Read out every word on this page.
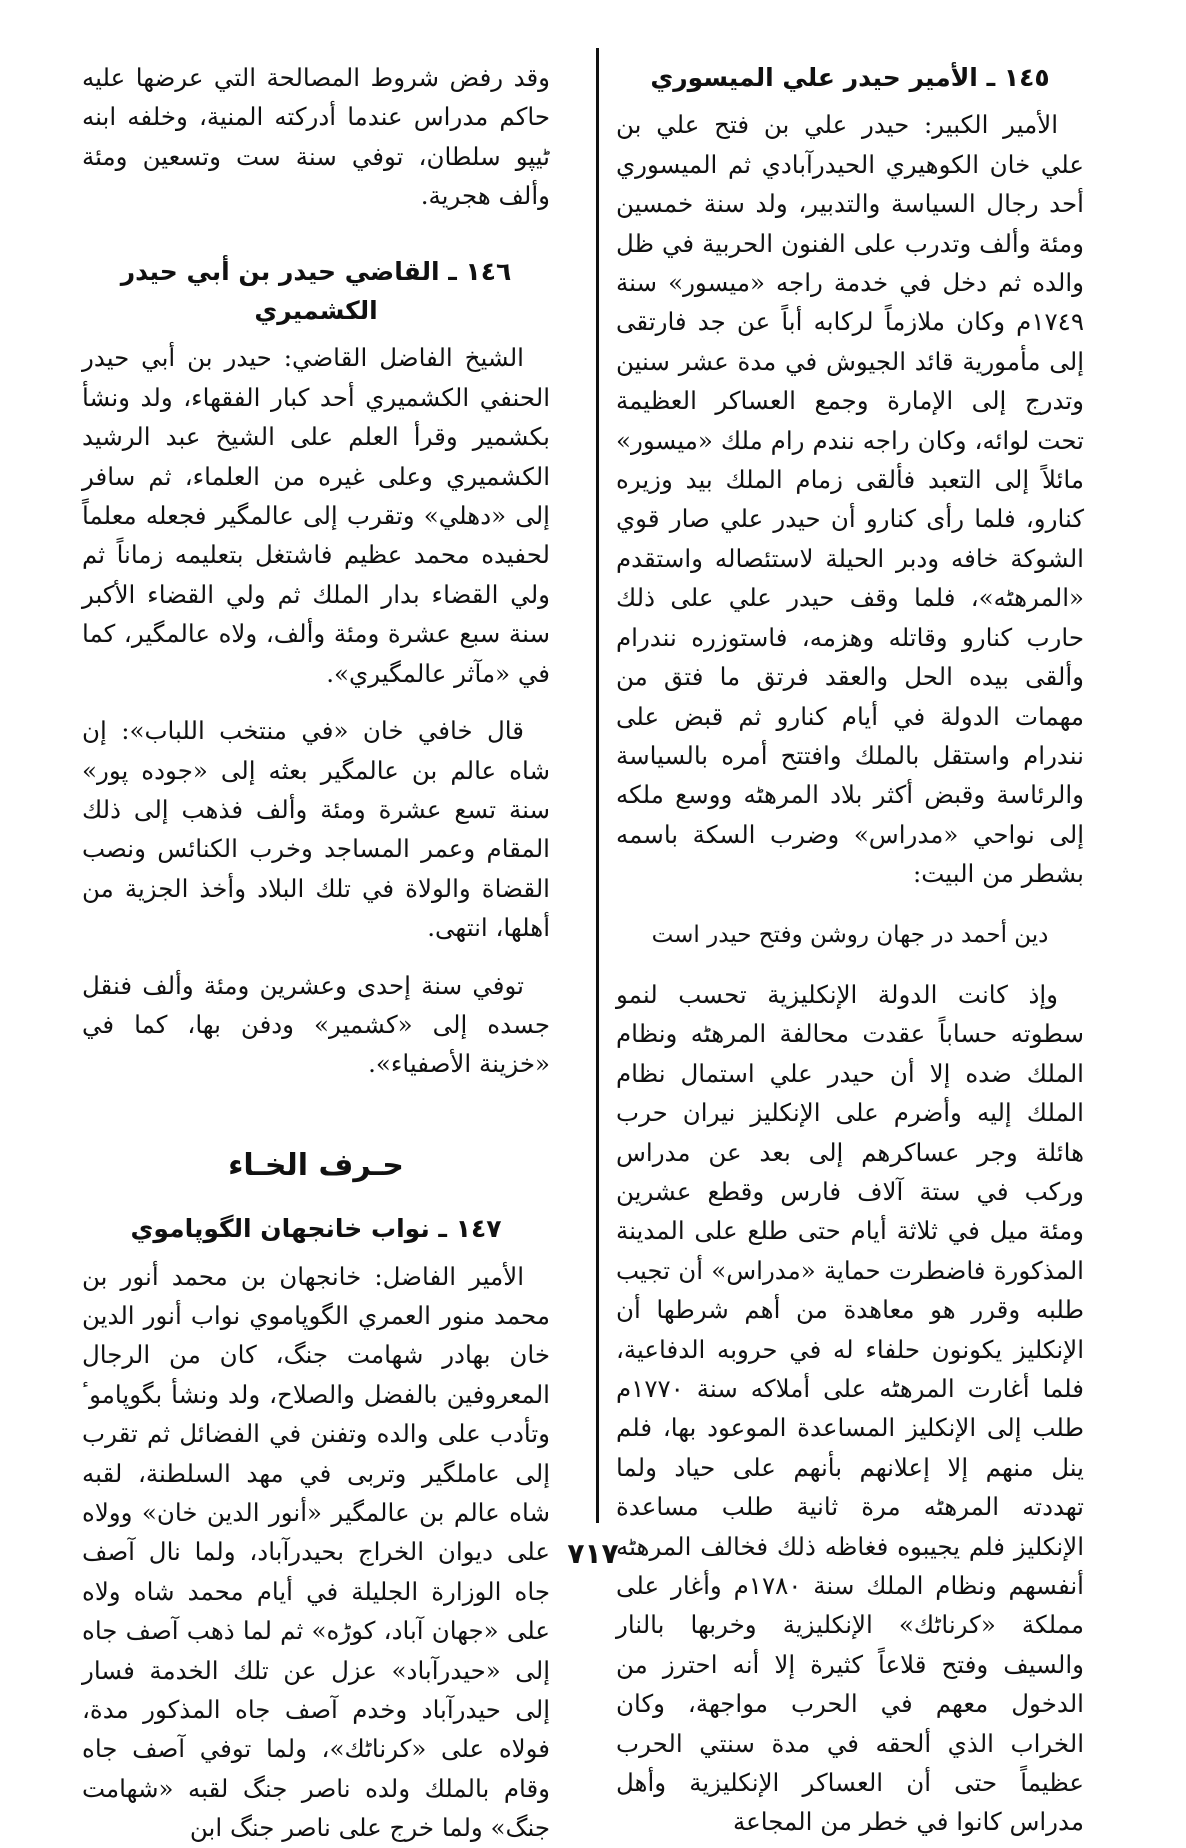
١٤٥ ـ الأمير حيدر علي الميسوري

الأمير الكبير: حيدر علي بن فتح علي بن علي خان الكوهيري الحيدرآبادي ثم الميسوري أحد رجال السياسة والتدبير، ولد سنة خمسين ومئة وألف وتدرب على الفنون الحربية في ظل والده ثم دخل في خدمة راجه «ميسور» سنة ١٧٤٩م وكان ملازماً لركابه أباً عن جد فارتقى إلى مأمورية قائد الجيوش في مدة عشر سنين وتدرج إلى الإمارة وجمع العساكر العظيمة تحت لوائه، وكان راجه نندم رام ملك «ميسور» مائلاً إلى التعبد فألقى زمام الملك بيد وزيره كنارو، فلما رأى كنارو أن حيدر علي صار قوي الشوكة خافه ودبر الحيلة لاستئصاله واستقدم «المرهٹه»، فلما وقف حيدر علي على ذلك حارب كنارو وقاتله وهزمه، فاستوزره نندرام وألقى بيده الحل والعقد فرتق ما فتق من مهمات الدولة في أيام كنارو ثم قبض على نندرام واستقل بالملك وافتتح أمره بالسياسة والرئاسة وقبض أكثر بلاد المرهٹه ووسع ملكه إلى نواحي «مدراس» وضرب السكة باسمه بشطر من البيت:

دين أحمد در جهان روشن وفتح حيدر است

وإذ كانت الدولة الإنكليزية تحسب لنمو سطوته حساباً عقدت محالفة المرهٹه ونظام الملك ضده إلا أن حيدر علي استمال نظام الملك إليه وأضرم على الإنكليز نيران حرب هائلة وجر عساكرهم إلى بعد عن مدراس وركب في ستة آلاف فارس وقطع عشرين ومئة ميل في ثلاثة أيام حتى طلع على المدينة المذكورة فاضطرت حماية «مدراس» أن تجيب طلبه وقرر هو معاهدة من أهم شرطها أن الإنكليز يكونون حلفاء له في حروبه الدفاعية، فلما أغارت المرهٹه على أملاكه سنة ١٧٧٠م طلب إلى الإنكليز المساعدة الموعود بها، فلم ينل منهم إلا إعلانهم بأنهم على حياد ولما تهددته المرهٹه مرة ثانية طلب مساعدة الإنكليز فلم يجيبوه فغاظه ذلك فخالف المرهٹه أنفسهم ونظام الملك سنة ١٧٨٠م وأغار على مملكة «كرناٹك» الإنكليزية وخربها بالنار والسيف وفتح قلاعاً كثيرة إلا أنه احترز من الدخول معهم في الحرب مواجهة، وكان الخراب الذي ألحقه في مدة سنتي الحرب عظيماً حتى أن العساكر الإنكليزية وأهل مدراس كانوا في خطر من المجاعة

وقد رفض شروط المصالحة التي عرضها عليه حاكم مدراس عندما أدركته المنية، وخلفه ابنه ٹيپو سلطان، توفي سنة ست وتسعين ومئة وألف هجرية.

١٤٦ ـ القاضي حيدر بن أبي حيدر الكشميري

الشيخ الفاضل القاضي: حيدر بن أبي حيدر الحنفي الكشميري أحد كبار الفقهاء، ولد ونشأ بكشمير وقرأ العلم على الشيخ عبد الرشيد الكشميري وعلى غيره من العلماء، ثم سافر إلى «دهلي» وتقرب إلى عالمگير فجعله معلماً لحفيده محمد عظيم فاشتغل بتعليمه زماناً ثم ولي القضاء بدار الملك ثم ولي القضاء الأكبر سنة سبع عشرة ومئة وألف، ولاه عالمگير، كما في «مآثر عالمگيري».

قال خافي خان «في منتخب اللباب»: إن شاه عالم بن عالمگير بعثه إلى «جوده پور» سنة تسع عشرة ومئة وألف فذهب إلى ذلك المقام وعمر المساجد وخرب الكنائس ونصب القضاة والولاة في تلك البلاد وأخذ الجزية من أهلها، انتهى.

توفي سنة إحدى وعشرين ومئة وألف فنقل جسده إلى «كشمير» ودفن بها، كما في «خزينة الأصفياء».

حـرف الخـاء
١٤٧ ـ نواب خانجهان الگوپاموي

الأمير الفاضل: خانجهان بن محمد أنور بن محمد منور العمري الگوپاموي نواب أنور الدين خان بهادر شهامت جنگ، كان من الرجال المعروفين بالفضل والصلاح، ولد ونشأ بگوپاموٴ وتأدب على والده وتفنن في الفضائل ثم تقرب إلى عاملگير وتربى في مهد السلطنة، لقبه شاه عالم بن عالمگير «أنور الدين خان» وولاه على ديوان الخراج بحيدرآباد، ولما نال آصف جاه الوزارة الجليلة في أيام محمد شاه ولاه على «جهان آباد، كوڑه» ثم لما ذهب آصف جاه إلى «حيدرآباد» عزل عن تلك الخدمة فسار إلى حيدرآباد وخدم آصف جاه المذكور مدة، فولاه على «كرناٹك»، ولما توفي آصف جاه وقام بالملك ولده ناصر جنگ لقبه «شهامت جنگ» ولما خرج على ناصر جنگ ابن

٧١٧
